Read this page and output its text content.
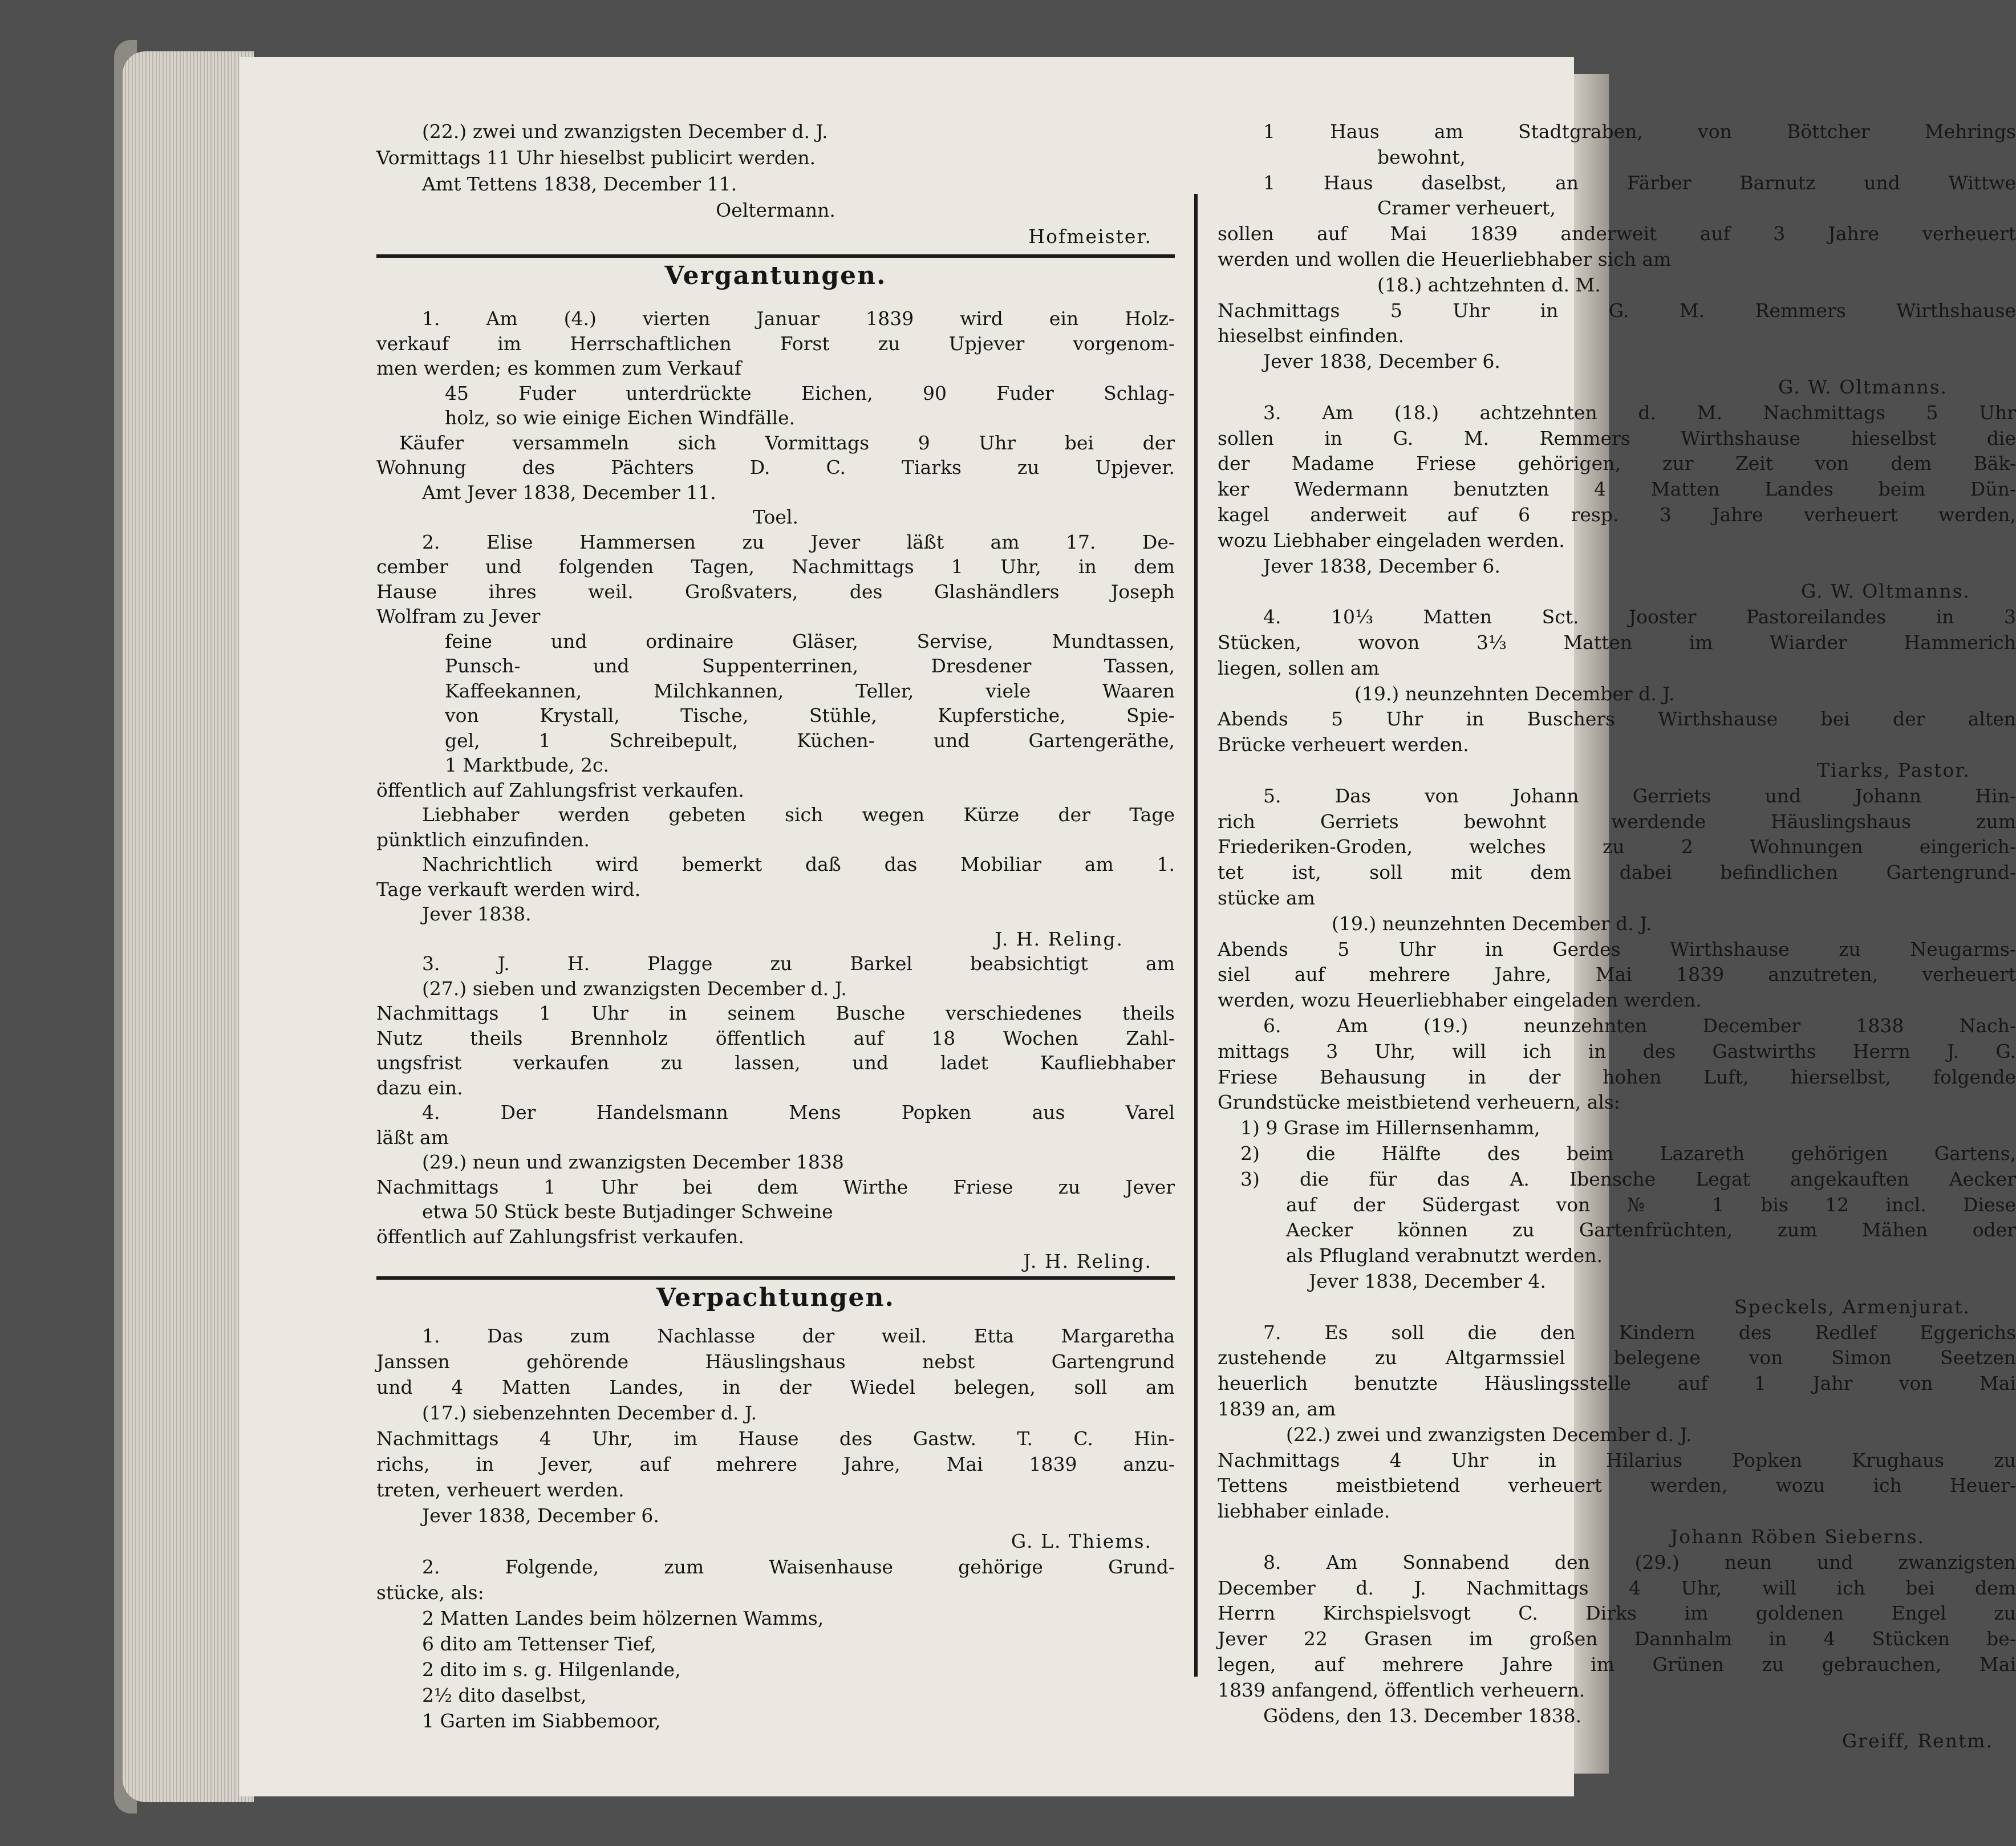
(22.) zwei und zwanzigsten December d. J.
Vormittags 11 Uhr hieselbst publicirt werden.
Amt Tettens 1838, December 11.
Oeltermann.
Hofmeister.
Vergantungen.
1. Am (4.) vierten Januar 1839 wird ein Holz-
verkauf im Herrschaftlichen Forst zu Upjever vorgenom-
men werden; es kommen zum Verkauf
45 Fuder unterdrückte Eichen, 90 Fuder Schlag-
holz, so wie einige Eichen Windfälle.
Käufer versammeln sich Vormittags 9 Uhr bei der
Wohnung des Pächters D. C. Tiarks zu Upjever.
Amt Jever 1838, December 11.
Toel.
2. Elise Hammersen zu Jever läßt am 17. De-
cember und folgenden Tagen, Nachmittags 1 Uhr, in dem
Hause ihres weil. Großvaters, des Glashändlers Joseph
Wolfram zu Jever
feine und ordinaire Gläser, Servise, Mundtassen,
Punsch- und Suppenterrinen, Dresdener Tassen,
Kaffeekannen, Milchkannen, Teller, viele Waaren
von Krystall, Tische, Stühle, Kupferstiche, Spie-
gel, 1 Schreibepult, Küchen- und Gartengeräthe,
1 Marktbude, 2c.
öffentlich auf Zahlungsfrist verkaufen.
Liebhaber werden gebeten sich wegen Kürze der Tage
pünktlich einzufinden.
Nachrichtlich wird bemerkt daß das Mobiliar am 1.
Tage verkauft werden wird.
Jever 1838.
J. H. Reling.
3. J. H. Plagge zu Barkel beabsichtigt am
(27.) sieben und zwanzigsten December d. J.
Nachmittags 1 Uhr in seinem Busche verschiedenes theils
Nutz theils Brennholz öffentlich auf 18 Wochen Zahl-
ungsfrist verkaufen zu lassen, und ladet Kaufliebhaber
dazu ein.
4. Der Handelsmann Mens Popken aus Varel
läßt am
(29.) neun und zwanzigsten December 1838
Nachmittags 1 Uhr bei dem Wirthe Friese zu Jever
etwa 50 Stück beste Butjadinger Schweine
öffentlich auf Zahlungsfrist verkaufen.
J. H. Reling.
Verpachtungen.
1. Das zum Nachlasse der weil. Etta Margaretha
Janssen gehörende Häuslingshaus nebst Gartengrund
und 4 Matten Landes, in der Wiedel belegen, soll am
(17.) siebenzehnten December d. J.
Nachmittags 4 Uhr, im Hause des Gastw. T. C. Hin-
richs, in Jever, auf mehrere Jahre, Mai 1839 anzu-
treten, verheuert werden.
Jever 1838, December 6.
G. L. Thiems.
2. Folgende, zum Waisenhause gehörige Grund-
stücke, als:
2 Matten Landes beim hölzernen Wamms,
6 dito am Tettenser Tief,
2 dito im s. g. Hilgenlande,
2½ dito daselbst,
1 Garten im Siabbemoor,
1 Haus am Stadtgraben, von Böttcher Mehrings
bewohnt,
1 Haus daselbst, an Färber Barnutz und Wittwe
Cramer verheuert,
sollen auf Mai 1839 anderweit auf 3 Jahre verheuert
werden und wollen die Heuerliebhaber sich am
(18.) achtzehnten d. M.
Nachmittags 5 Uhr in G. M. Remmers Wirthshause
hieselbst einfinden.
Jever 1838, December 6.
G. W. Oltmanns.
3. Am (18.) achtzehnten d. M. Nachmittags 5 Uhr
sollen in G. M. Remmers Wirthshause hieselbst die
der Madame Friese gehörigen, zur Zeit von dem Bäk-
ker Wedermann benutzten 4 Matten Landes beim Dün-
kagel anderweit auf 6 resp. 3 Jahre verheuert werden,
wozu Liebhaber eingeladen werden.
Jever 1838, December 6.
G. W. Oltmanns.
4. 10⅓ Matten Sct. Jooster Pastoreilandes in 3
Stücken, wovon 3⅓ Matten im Wiarder Hammerich
liegen, sollen am
(19.) neunzehnten December d. J.
Abends 5 Uhr in Buschers Wirthshause bei der alten
Brücke verheuert werden.
Tiarks, Pastor.
5. Das von Johann Gerriets und Johann Hin-
rich Gerriets bewohnt werdende Häuslingshaus zum
Friederiken-Groden, welches zu 2 Wohnungen eingerich-
tet ist, soll mit dem dabei befindlichen Gartengrund-
stücke am
(19.) neunzehnten December d. J.
Abends 5 Uhr in Gerdes Wirthshause zu Neugarms-
siel auf mehrere Jahre, Mai 1839 anzutreten, verheuert
werden, wozu Heuerliebhaber eingeladen werden.
6. Am (19.) neunzehnten December 1838 Nach-
mittags 3 Uhr, will ich in des Gastwirths Herrn J. G.
Friese Behausung in der hohen Luft, hierselbst, folgende
Grundstücke meistbietend verheuern, als:
1) 9 Grase im Hillernsenhamm,
2) die Hälfte des beim Lazareth gehörigen Gartens,
3) die für das A. Ibensche Legat angekauften Aecker
auf der Südergast von № 1 bis 12 incl. Diese
Aecker können zu Gartenfrüchten, zum Mähen oder
als Pflugland verabnutzt werden.
Jever 1838, December 4.
Speckels, Armenjurat.
7. Es soll die den Kindern des Redlef Eggerichs
zustehende zu Altgarmssiel belegene von Simon Seetzen
heuerlich benutzte Häuslingsstelle auf 1 Jahr von Mai
1839 an, am
(22.) zwei und zwanzigsten December d. J.
Nachmittags 4 Uhr in Hilarius Popken Krughaus zu
Tettens meistbietend verheuert werden, wozu ich Heuer-
liebhaber einlade.
Johann Röben Sieberns.
8. Am Sonnabend den (29.) neun und zwanzigsten
December d. J. Nachmittags 4 Uhr, will ich bei dem
Herrn Kirchspielsvogt C. Dirks im goldenen Engel zu
Jever 22 Grasen im großen Dannhalm in 4 Stücken be-
legen, auf mehrere Jahre im Grünen zu gebrauchen, Mai
1839 anfangend, öffentlich verheuern.
Gödens, den 13. December 1838.
Greiff, Rentm.
